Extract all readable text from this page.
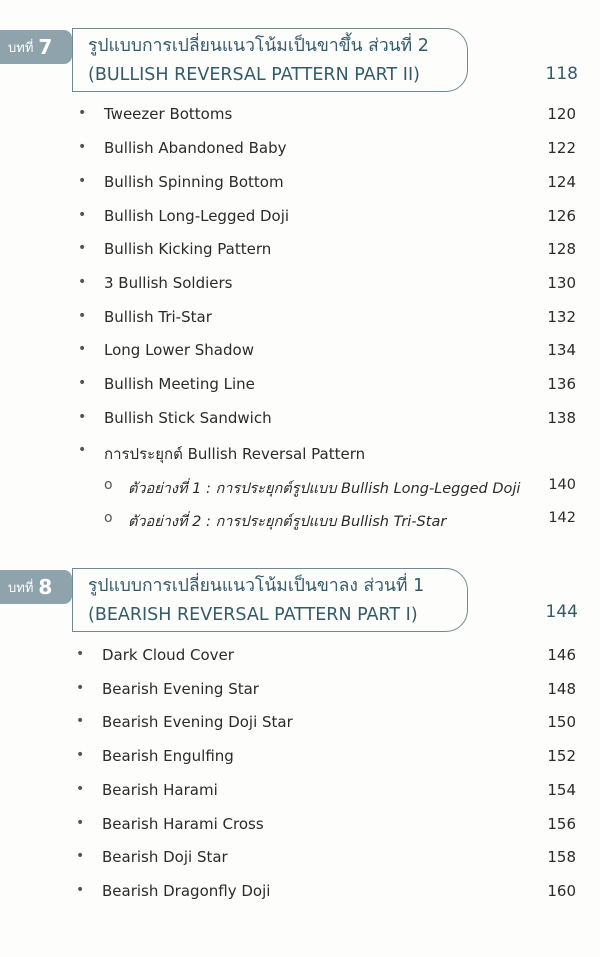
บทที่ 7 รูปแบบการเปลี่ยนแนวโน้มเป็นขาขึ้น ส่วนที่ 2
(BULLISH REVERSAL PATTERN PART II)	118
• Tweezer Bottoms	120
• Bullish Abandoned Baby	122
• Bullish Spinning Bottom	124
• Bullish Long-Legged Doji	126
• Bullish Kicking Pattern	128
• 3 Bullish Soldiers	130
• Bullish Tri-Star	132
• Long Lower Shadow	134
• Bullish Meeting Line	136
• Bullish Stick Sandwich	138
• การประยุกต์ Bullish Reversal Pattern
o ตัวอย่างที่ 1 : การประยุกต์รูปแบบ Bullish Long-Legged Doji 140
o ตัวอย่างที่ 2 : การประยุกต์รูปแบบ Bullish Tri-Star	142
บทที่ 8 รูปแบบการเปลี่ยนแนวโน้มเป็นขาลง ส่วนที่ 1
(BEARISH REVERSAL PATTERN PART I)	144
• Dark Cloud Cover	146
• Bearish Evening Star	148
• Bearish Evening Doji Star	150
• Bearish Engulfing	152
• Bearish Harami	154
• Bearish Harami Cross	156
• Bearish Doji Star	158
• Bearish Dragonfly Doji	160
